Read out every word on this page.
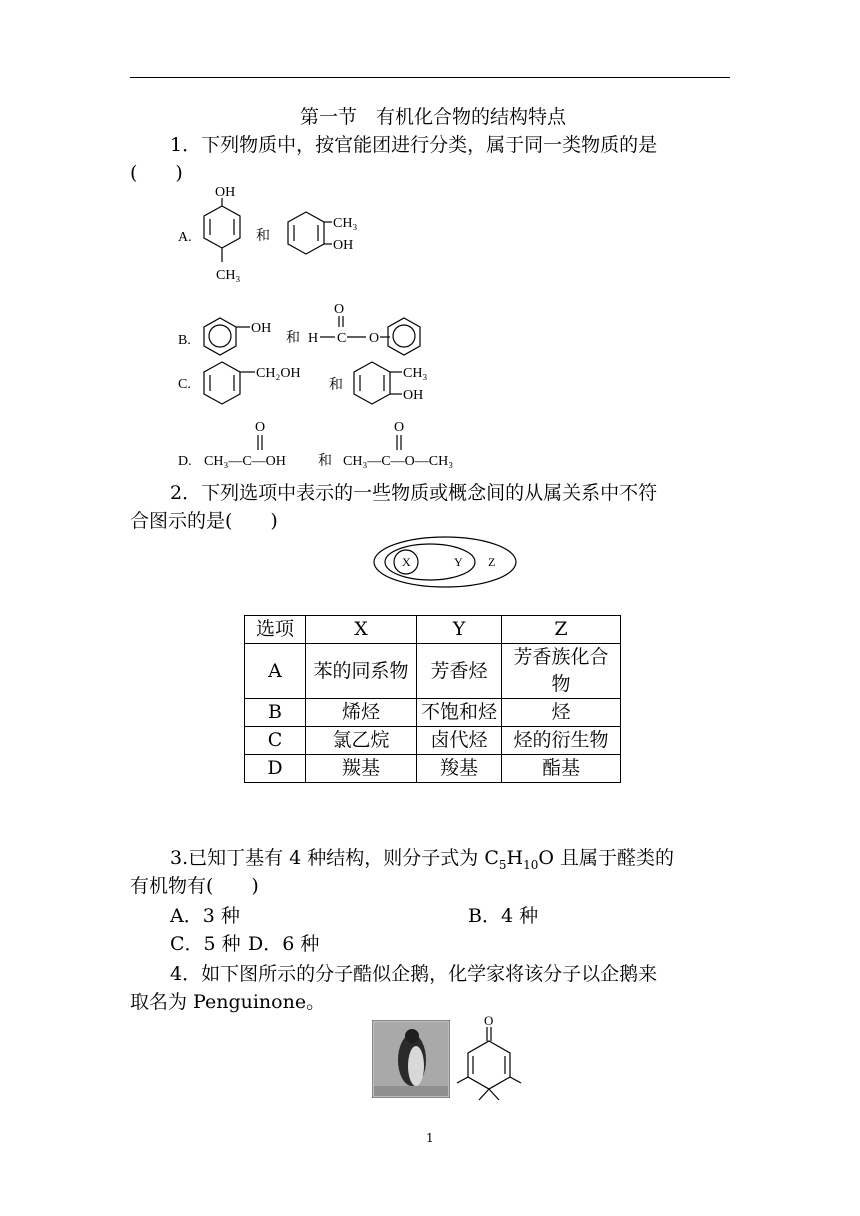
第一节　有机化合物的结构特点
1．下列物质中，按官能团进行分类，属于同一类物质的是
(　　)
A.
OH
CH₃
和
CH₃
OH
B.
OH
和 H
O
C O
C.
CH₂OH
和
CH₃
OH
D.
O
CH₃—C—OH 和
O
CH₃—C—O—CH₃
2．下列选项中表示的一些物质或概念间的从属关系中不符
合图示的是(　　)
X	Y Z
选项	X	Y	Z
A	苯的同系物	芳香烃	芳香族化合物
B	烯烃	不饱和烃	烃
C	氯乙烷	卤代烃	烃的衍生物
D	羰基	羧基	酯基
3.已知丁基有 4 种结构，则分子式为 $C_5H_{10}O$ 且属于醛类的
有机物有(　　)
A．3 种	B．4 种
C．5 种 D．6 种
4．如下图所示的分子酷似企鹅，化学家将该分子以企鹅来
取名为 Penguinone。
O
1
